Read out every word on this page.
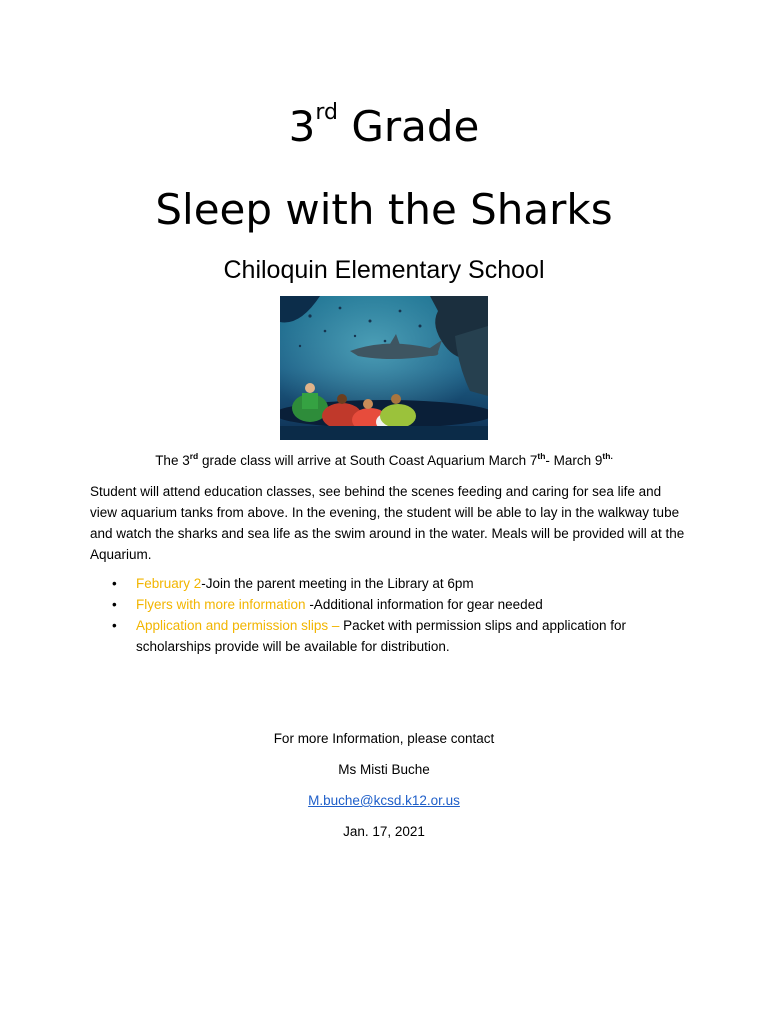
3rd Grade
Sleep with the Sharks
Chiloquin Elementary School
The 3rd grade class will arrive at South Coast Aquarium March 7th- March $9^{th.}$

Student will attend education classes, see behind the scenes feeding and caring for sea life and view aquarium tanks from above. In the evening, the student will be able to lay in the walkway tube and watch the sharks and sea life as the swim around in the water. Meals will be provided will at the Aquarium.

• February 2-Join the parent meeting in the Library at 6pm
• Flyers with more information -Additional information for gear needed
• Application and permission slips – Packet with permission slips and application for scholarships provide will be available for distribution.
For more Information, please contact
Ms Misti Buche
M.buche@kcsd.k12.or.us
Jan. 17, 2021
